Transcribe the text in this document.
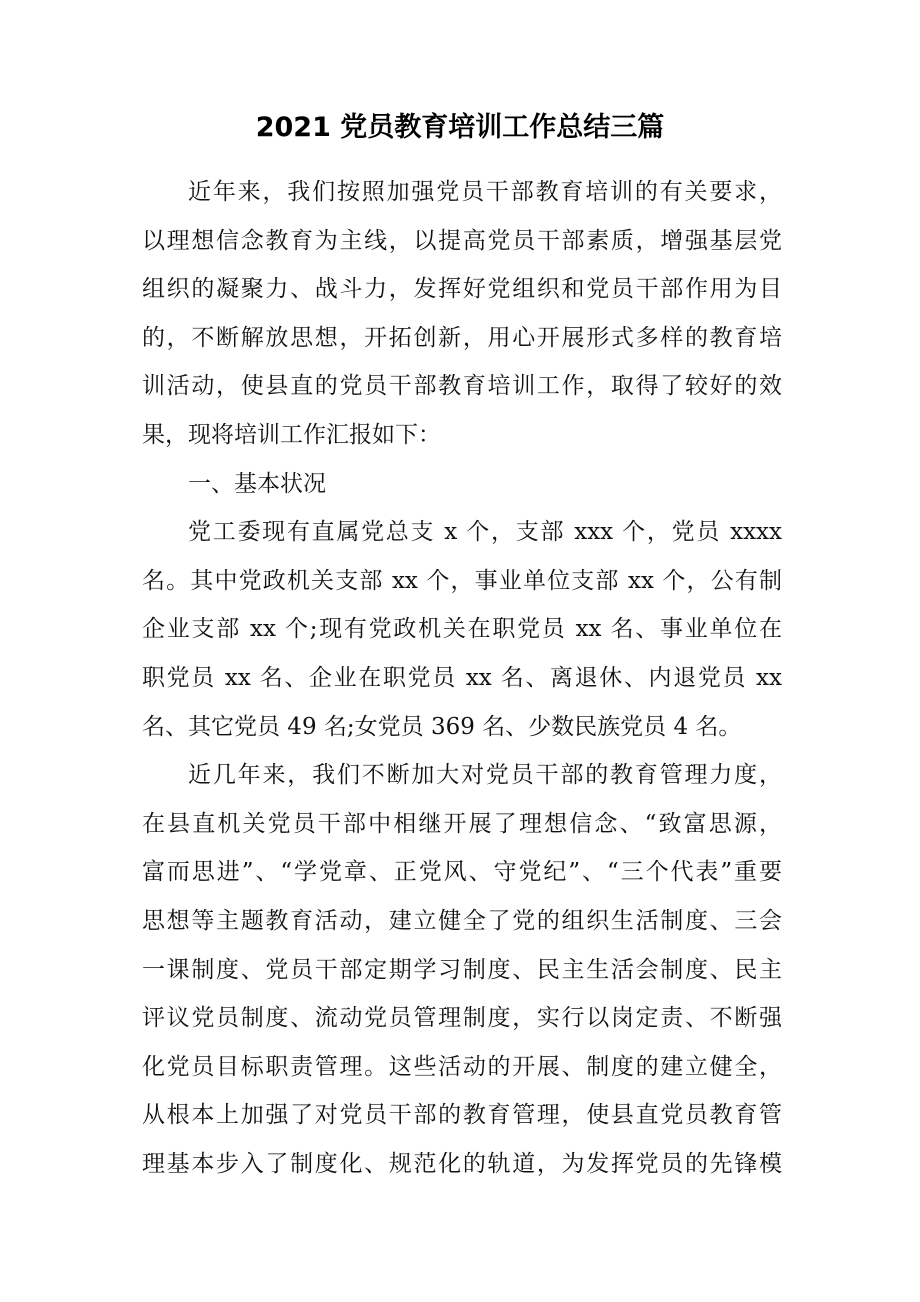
2021 党员教育培训工作总结三篇
近年来，我们按照加强党员干部教育培训的有关要求，
以理想信念教育为主线，以提高党员干部素质，增强基层党
组织的凝聚力、战斗力，发挥好党组织和党员干部作用为目
的，不断解放思想，开拓创新，用心开展形式多样的教育培
训活动，使县直的党员干部教育培训工作，取得了较好的效
果，现将培训工作汇报如下：
一、基本状况
党工委现有直属党总支 x 个，支部 xxx 个，党员 xxxx
名。其中党政机关支部 xx 个，事业单位支部 xx 个，公有制
企业支部 xx 个;现有党政机关在职党员 xx 名、事业单位在
职党员 xx 名、企业在职党员 xx 名、离退休、内退党员 xx
名、其它党员 49 名;女党员 369 名、少数民族党员 4 名。
近几年来，我们不断加大对党员干部的教育管理力度，
在县直机关党员干部中相继开展了理想信念、“致富思源，
富而思进”、“学党章、正党风、守党纪”、“三个代表”重要
思想等主题教育活动，建立健全了党的组织生活制度、三会
一课制度、党员干部定期学习制度、民主生活会制度、民主
评议党员制度、流动党员管理制度，实行以岗定责、不断强
化党员目标职责管理。这些活动的开展、制度的建立健全，
从根本上加强了对党员干部的教育管理，使县直党员教育管
理基本步入了制度化、规范化的轨道，为发挥党员的先锋模
